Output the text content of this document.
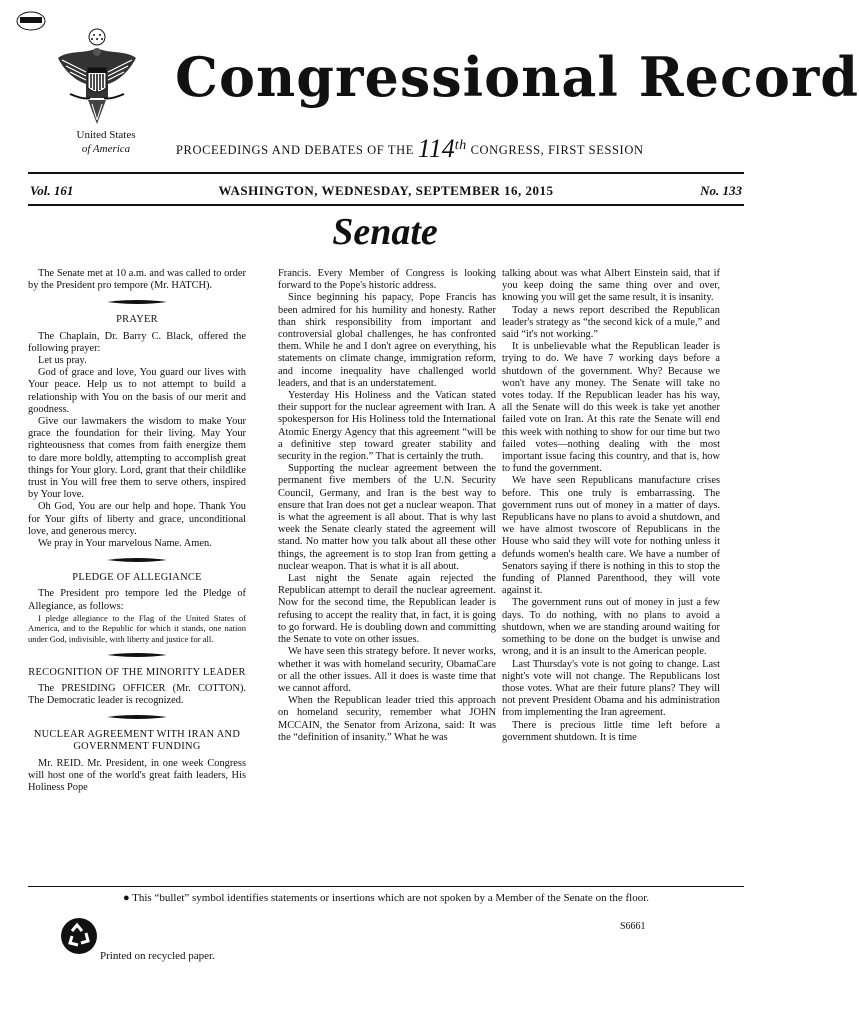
Congressional Record
United States
of America	PROCEEDINGS AND DEBATES OF THE 114th CONGRESS, FIRST SESSION
Vol. 161	WASHINGTON, WEDNESDAY, SEPTEMBER 16, 2015	No. 133
Senate

The Senate met at 10 a.m. and was called to order by the President pro tempore (Mr. HATCH).

PRAYER

The Chaplain, Dr. Barry C. Black, offered the following prayer:

Let us pray.

God of grace and love, You guard our lives with Your peace. Help us to not attempt to build a relationship with You on the basis of our merit and goodness.

Give our lawmakers the wisdom to make Your grace the foundation for their living. May Your righteousness that comes from faith energize them to dare more boldly, attempting to accomplish great things for Your glory. Lord, grant that their childlike trust in You will free them to serve others, inspired by Your love.

Oh God, You are our help and hope. Thank You for Your gifts of liberty and grace, unconditional love, and generous mercy.

We pray in Your marvelous Name. Amen.

PLEDGE OF ALLEGIANCE

The President pro tempore led the Pledge of Allegiance, as follows:

I pledge allegiance to the Flag of the United States of America, and to the Republic for which it stands, one nation under God, indivisible, with liberty and justice for all.

RECOGNITION OF THE MINORITY LEADER

The PRESIDING OFFICER (Mr. COTTON). The Democratic leader is recognized.

NUCLEAR AGREEMENT WITH IRAN AND GOVERNMENT FUNDING

Mr. REID. Mr. President, in one week Congress will host one of the world's great faith leaders, His Holiness Pope

Francis. Every Member of Congress is looking forward to the Pope's historic address.

Since beginning his papacy, Pope Francis has been admired for his humility and honesty. Rather than shirk responsibility from important and controversial global challenges, he has confronted them. While he and I don't agree on everything, his statements on climate change, immigration reform, and income inequality have challenged world leaders, and that is an understatement.

Yesterday His Holiness and the Vatican stated their support for the nuclear agreement with Iran. A spokesperson for His Holiness told the International Atomic Energy Agency that this agreement “will be a definitive step toward greater stability and security in the region.” That is certainly the truth.

Supporting the nuclear agreement between the permanent five members of the U.N. Security Council, Germany, and Iran is the best way to ensure that Iran does not get a nuclear weapon. That is what the agreement is all about. That is why last week the Senate clearly stated the agreement will stand. No matter how you talk about all these other things, the agreement is to stop Iran from getting a nuclear weapon. That is what it is all about.

Last night the Senate again rejected the Republican attempt to derail the nuclear agreement. Now for the second time, the Republican leader is refusing to accept the reality that, in fact, it is going to go forward. He is doubling down and committing the Senate to vote on other issues.

We have seen this strategy before. It never works, whether it was with homeland security, ObamaCare or all the other issues. All it does is waste time that we cannot afford.

When the Republican leader tried this approach on homeland security, remember what JOHN MCCAIN, the Senator from Arizona, said: It was the “definition of insanity.” What he was

talking about was what Albert Einstein said, that if you keep doing the same thing over and over, knowing you will get the same result, it is insanity.

Today a news report described the Republican leader's strategy as “the second kick of a mule,” and said “it's not working.”

It is unbelievable what the Republican leader is trying to do. We have 7 working days before a shutdown of the government. Why? Because we won't have any money. The Senate will take no votes today. If the Republican leader has his way, all the Senate will do this week is take yet another failed vote on Iran. At this rate the Senate will end this week with nothing to show for our time but two failed votes—nothing dealing with the most important issue facing this country, and that is, how to fund the government.

We have seen Republicans manufacture crises before. This one truly is embarrassing. The government runs out of money in a matter of days. Republicans have no plans to avoid a shutdown, and we have almost twoscore of Republicans in the House who said they will vote for nothing unless it defunds women's health care. We have a number of Senators saying if there is nothing in this to stop the funding of Planned Parenthood, they will vote against it.

The government runs out of money in just a few days. To do nothing, with no plans to avoid a shutdown, when we are standing around waiting for something to be done on the budget is unwise and wrong, and it is an insult to the American people.

Last Thursday's vote is not going to change. Last night's vote will not change. The Republicans lost those votes. What are their future plans? They will not prevent President Obama and his administration from implementing the Iran agreement.

There is precious little time left before a government shutdown. It is time

● This “bullet” symbol identifies statements or insertions which are not spoken by a Member of the Senate on the floor.
S6661
Printed on recycled paper.
